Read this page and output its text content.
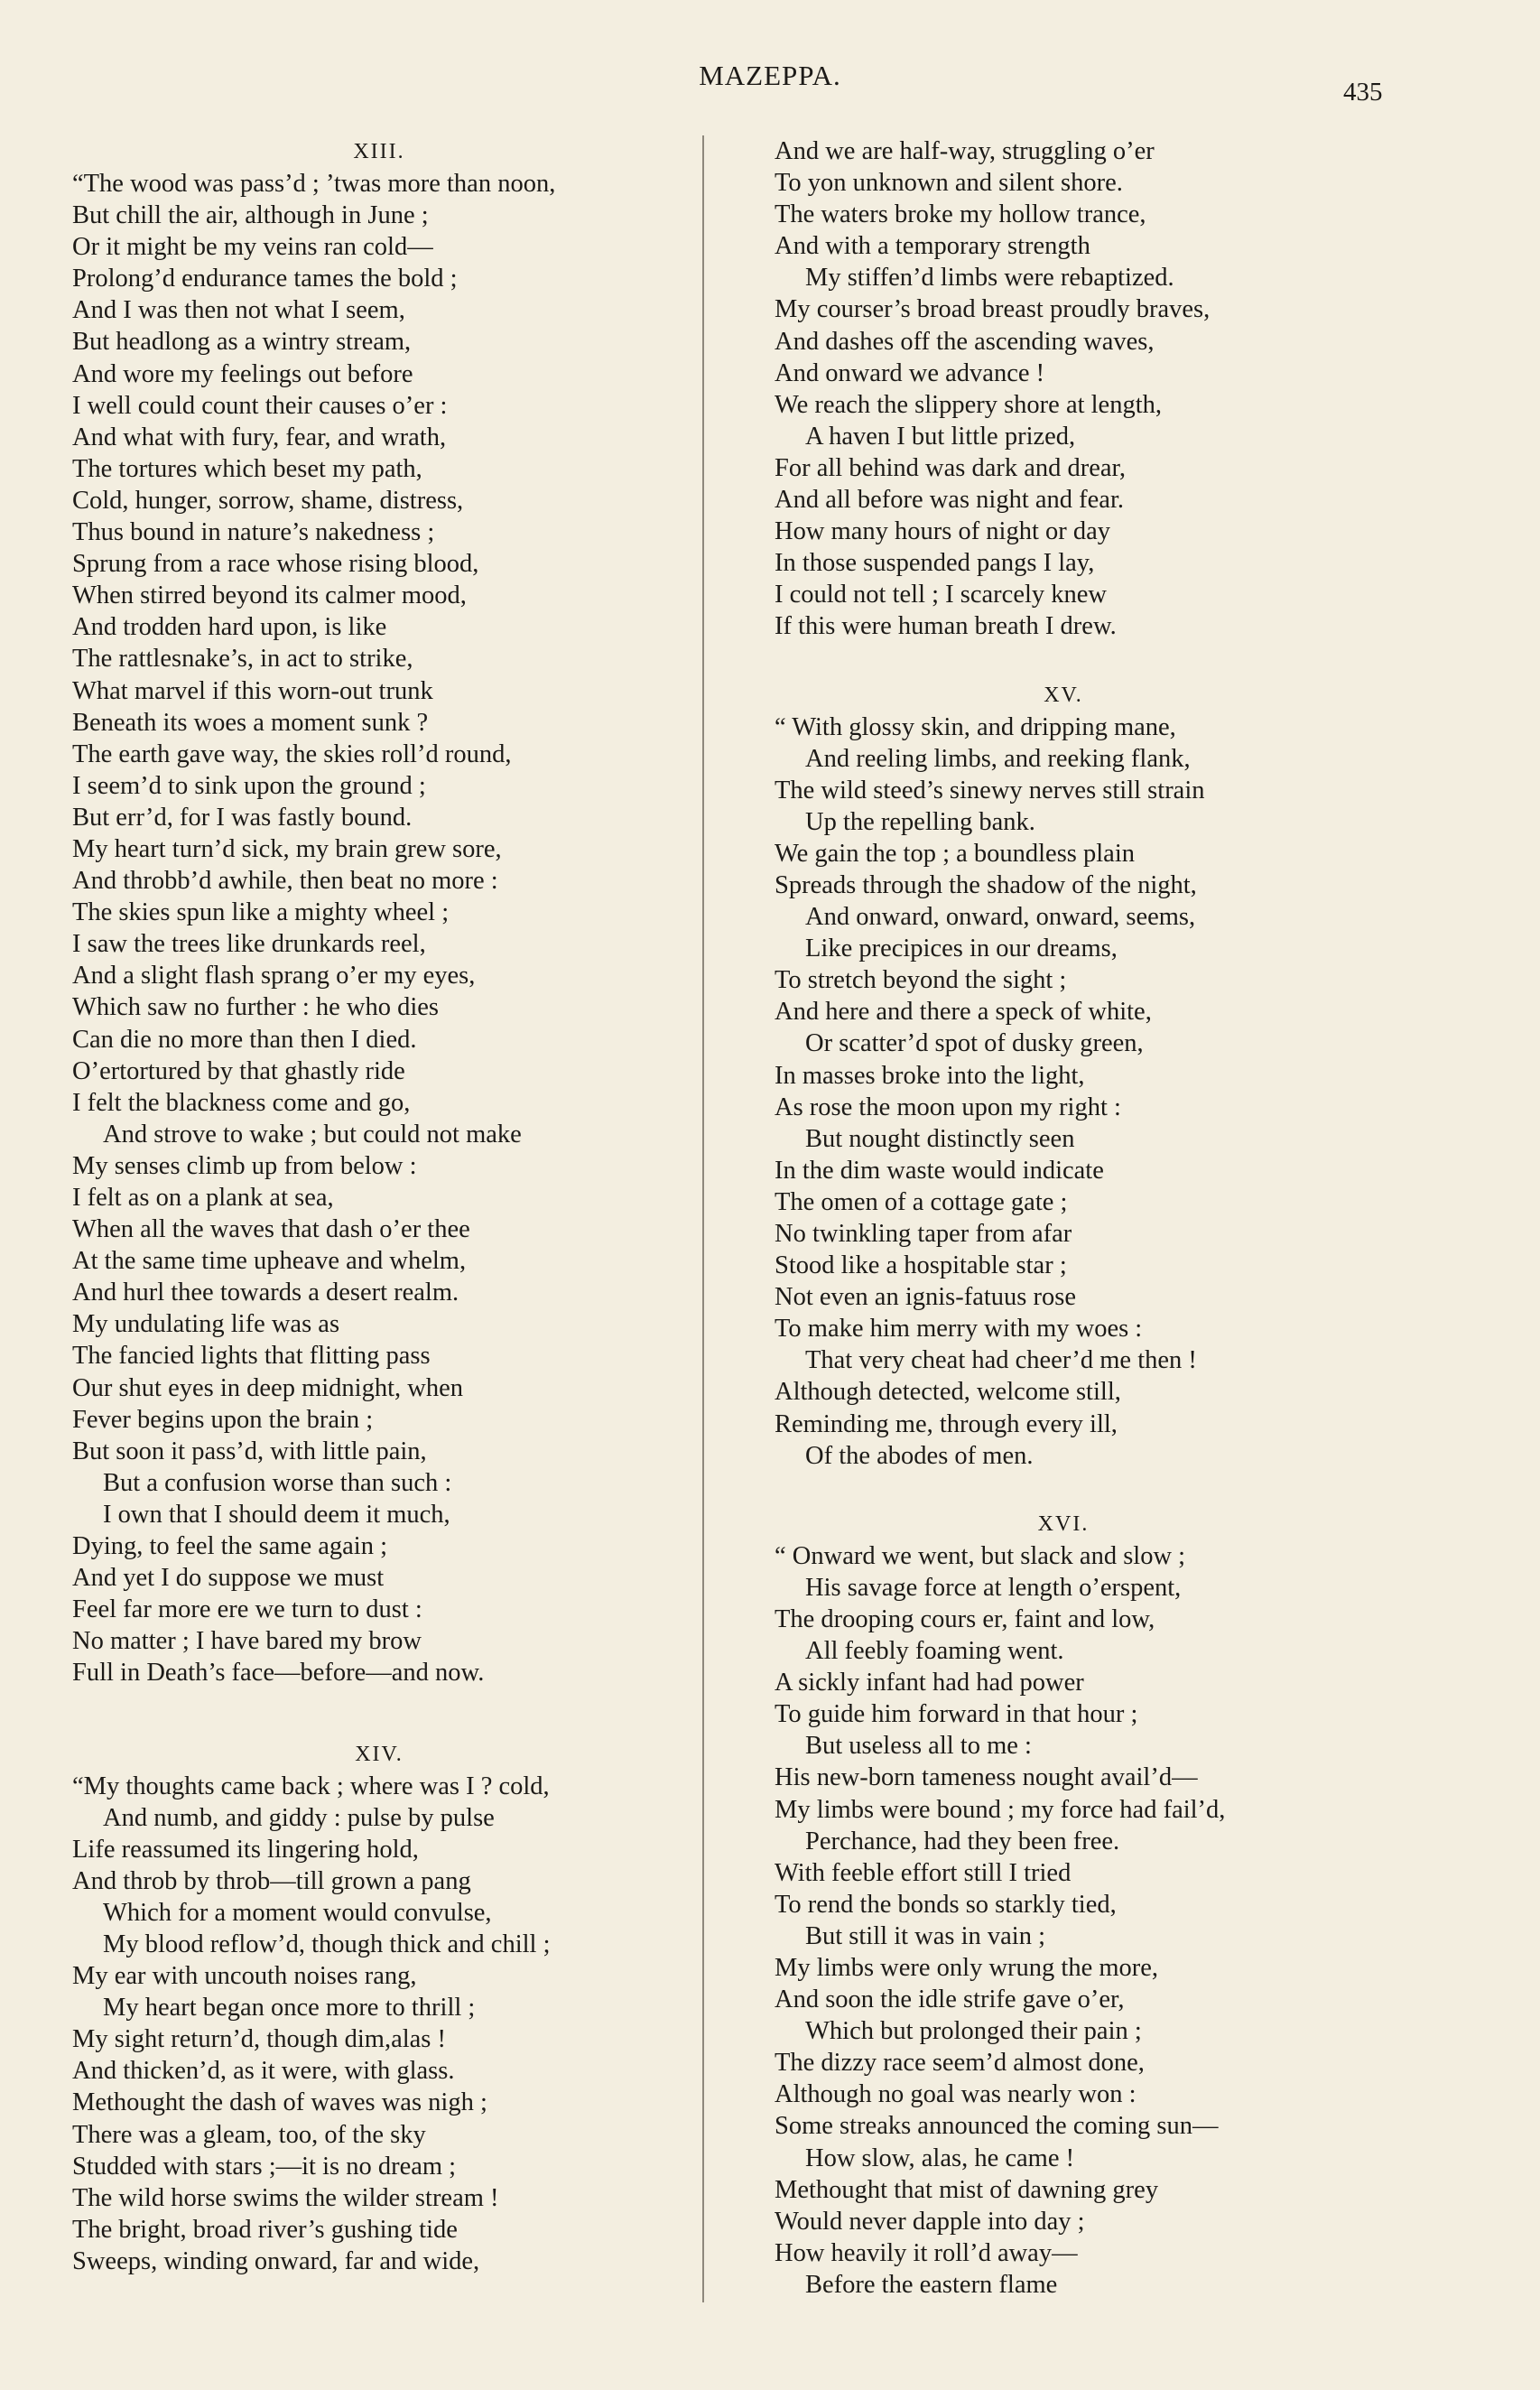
MAZEPPA.
435
XIII.
“The wood was pass’d ; ’twas more than noon,
But chill the air, although in June ;
Or it might be my veins ran cold—
Prolong’d endurance tames the bold ;
And I was then not what I seem,
But headlong as a wintry stream,
And wore my feelings out before
I well could count their causes o’er :
And what with fury, fear, and wrath,
The tortures which beset my path,
Cold, hunger, sorrow, shame, distress,
Thus bound in nature’s nakedness ;
Sprung from a race whose rising blood,
When stirred beyond its calmer mood,
And trodden hard upon, is like
The rattlesnake’s, in act to strike,
What marvel if this worn-out trunk
Beneath its woes a moment sunk ?
The earth gave way, the skies roll’d round,
I seem’d to sink upon the ground ;
But err’d, for I was fastly bound.
My heart turn’d sick, my brain grew sore,
And throbb’d awhile, then beat no more :
The skies spun like a mighty wheel ;
I saw the trees like drunkards reel,
And a slight flash sprang o’er my eyes,
Which saw no further : he who dies
Can die no more than then I died.
O’ertortured by that ghastly ride
I felt the blackness come and go,
And strove to wake ; but could not make
My senses climb up from below :
I felt as on a plank at sea,
When all the waves that dash o’er thee
At the same time upheave and whelm,
And hurl thee towards a desert realm.
My undulating life was as
The fancied lights that flitting pass
Our shut eyes in deep midnight, when
Fever begins upon the brain ;
But soon it pass’d, with little pain,
But a confusion worse than such :
I own that I should deem it much,
Dying, to feel the same again ;
And yet I do suppose we must
Feel far more ere we turn to dust :
No matter ; I have bared my brow
Full in Death’s face—before—and now.
XIV.
“My thoughts came back ; where was I ? cold,
And numb, and giddy : pulse by pulse
Life reassumed its lingering hold,
And throb by throb—till grown a pang
Which for a moment would convulse,
My blood reflow’d, though thick and chill ;
My ear with uncouth noises rang,
My heart began once more to thrill ;
My sight return’d, though dim,alas !
And thicken’d, as it were, with glass.
Methought the dash of waves was nigh ;
There was a gleam, too, of the sky
Studded with stars ;—it is no dream ;
The wild horse swims the wilder stream !
The bright, broad river’s gushing tide
Sweeps, winding onward, far and wide,
And we are half-way, struggling o’er
To yon unknown and silent shore.
The waters broke my hollow trance,
And with a temporary strength
My stiffen’d limbs were rebaptized.
My courser’s broad breast proudly braves,
And dashes off the ascending waves,
And onward we advance !
We reach the slippery shore at length,
A haven I but little prized,
For all behind was dark and drear,
And all before was night and fear.
How many hours of night or day
In those suspended pangs I lay,
I could not tell ; I scarcely knew
If this were human breath I drew.
XV.
“ With glossy skin, and dripping mane,
And reeling limbs, and reeking flank,
The wild steed’s sinewy nerves still strain
Up the repelling bank.
We gain the top ; a boundless plain
Spreads through the shadow of the night,
And onward, onward, onward, seems,
Like precipices in our dreams,
To stretch beyond the sight ;
And here and there a speck of white,
Or scatter’d spot of dusky green,
In masses broke into the light,
As rose the moon upon my right :
But nought distinctly seen
In the dim waste would indicate
The omen of a cottage gate ;
No twinkling taper from afar
Stood like a hospitable star ;
Not even an ignis-fatuus rose
To make him merry with my woes :
That very cheat had cheer’d me then !
Although detected, welcome still,
Reminding me, through every ill,
Of the abodes of men.
XVI.
“ Onward we went, but slack and slow ;
His savage force at length o’erspent,
The drooping cours er, faint and low,
All feebly foaming went.
A sickly infant had had power
To guide him forward in that hour ;
But useless all to me :
His new-born tameness nought avail’d—
My limbs were bound ; my force had fail’d,
Perchance, had they been free.
With feeble effort still I tried
To rend the bonds so starkly tied,
But still it was in vain ;
My limbs were only wrung the more,
And soon the idle strife gave o’er,
Which but prolonged their pain ;
The dizzy race seem’d almost done,
Although no goal was nearly won :
Some streaks announced the coming sun—
How slow, alas, he came !
Methought that mist of dawning grey
Would never dapple into day ;
How heavily it roll’d away—
Before the eastern flame
